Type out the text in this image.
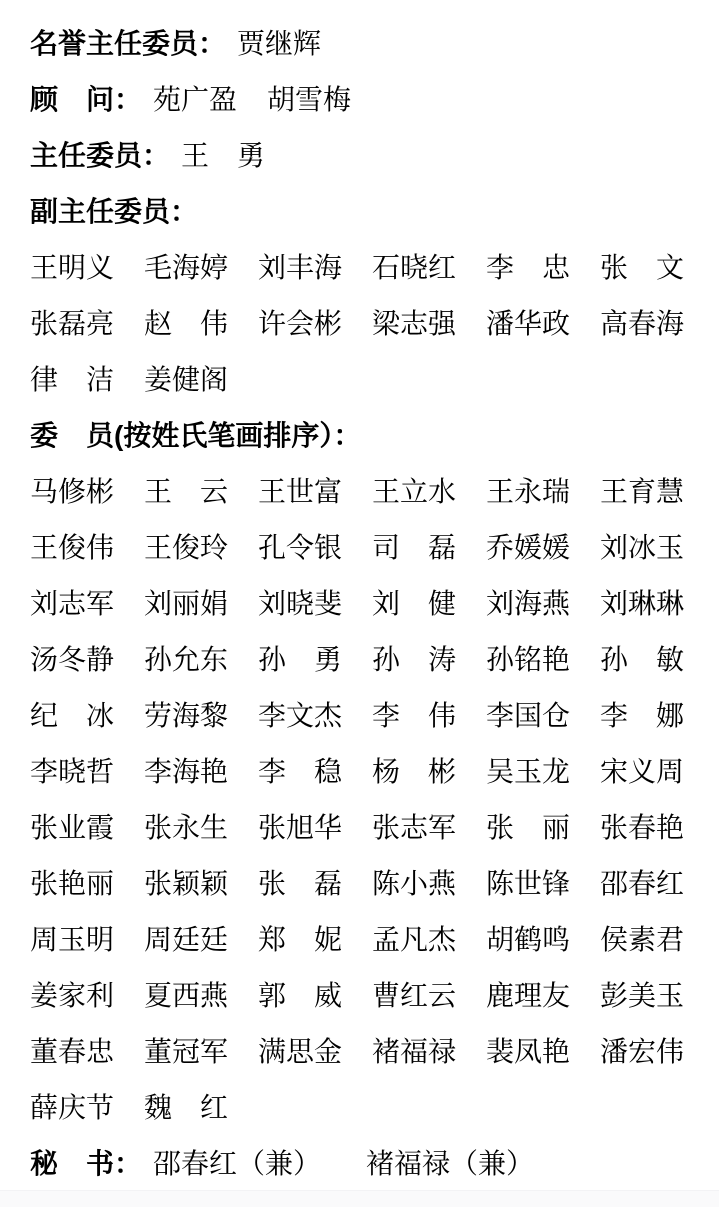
名誉主任委员： 贾继辉
顾　问： 苑广盈 胡雪梅
主任委员： 王　勇
副主任委员：
王明义 毛海婷 刘丰海 石晓红 李　忠 张　文
张磊亮 赵　伟 许会彬 梁志强 潘华政 高春海
律　洁 姜健阁
委　员(按姓氏笔画排序）：
马修彬 王　云 王世富 王立水 王永瑞 王育慧
王俊伟 王俊玲 孔令银 司　磊 乔媛媛 刘冰玉
刘志军 刘丽娟 刘晓斐 刘　健 刘海燕 刘琳琳
汤冬静 孙允东 孙　勇 孙　涛 孙铭艳 孙　敏
纪　冰 劳海黎 李文杰 李　伟 李国仓 李　娜
李晓哲 李海艳 李　稳 杨　彬 吴玉龙 宋义周
张业霞 张永生 张旭华 张志军 张　丽 张春艳
张艳丽 张颖颖 张　磊 陈小燕 陈世锋 邵春红
周玉明 周廷廷 郑　妮 孟凡杰 胡鹤鸣 侯素君
姜家利 夏西燕 郭　威 曹红云 鹿理友 彭美玉
董春忠 董冠军 满思金 褚福禄 裴凤艳 潘宏伟
薛庆节 魏　红
秘　书： 邵春红（兼） 褚福禄（兼）
